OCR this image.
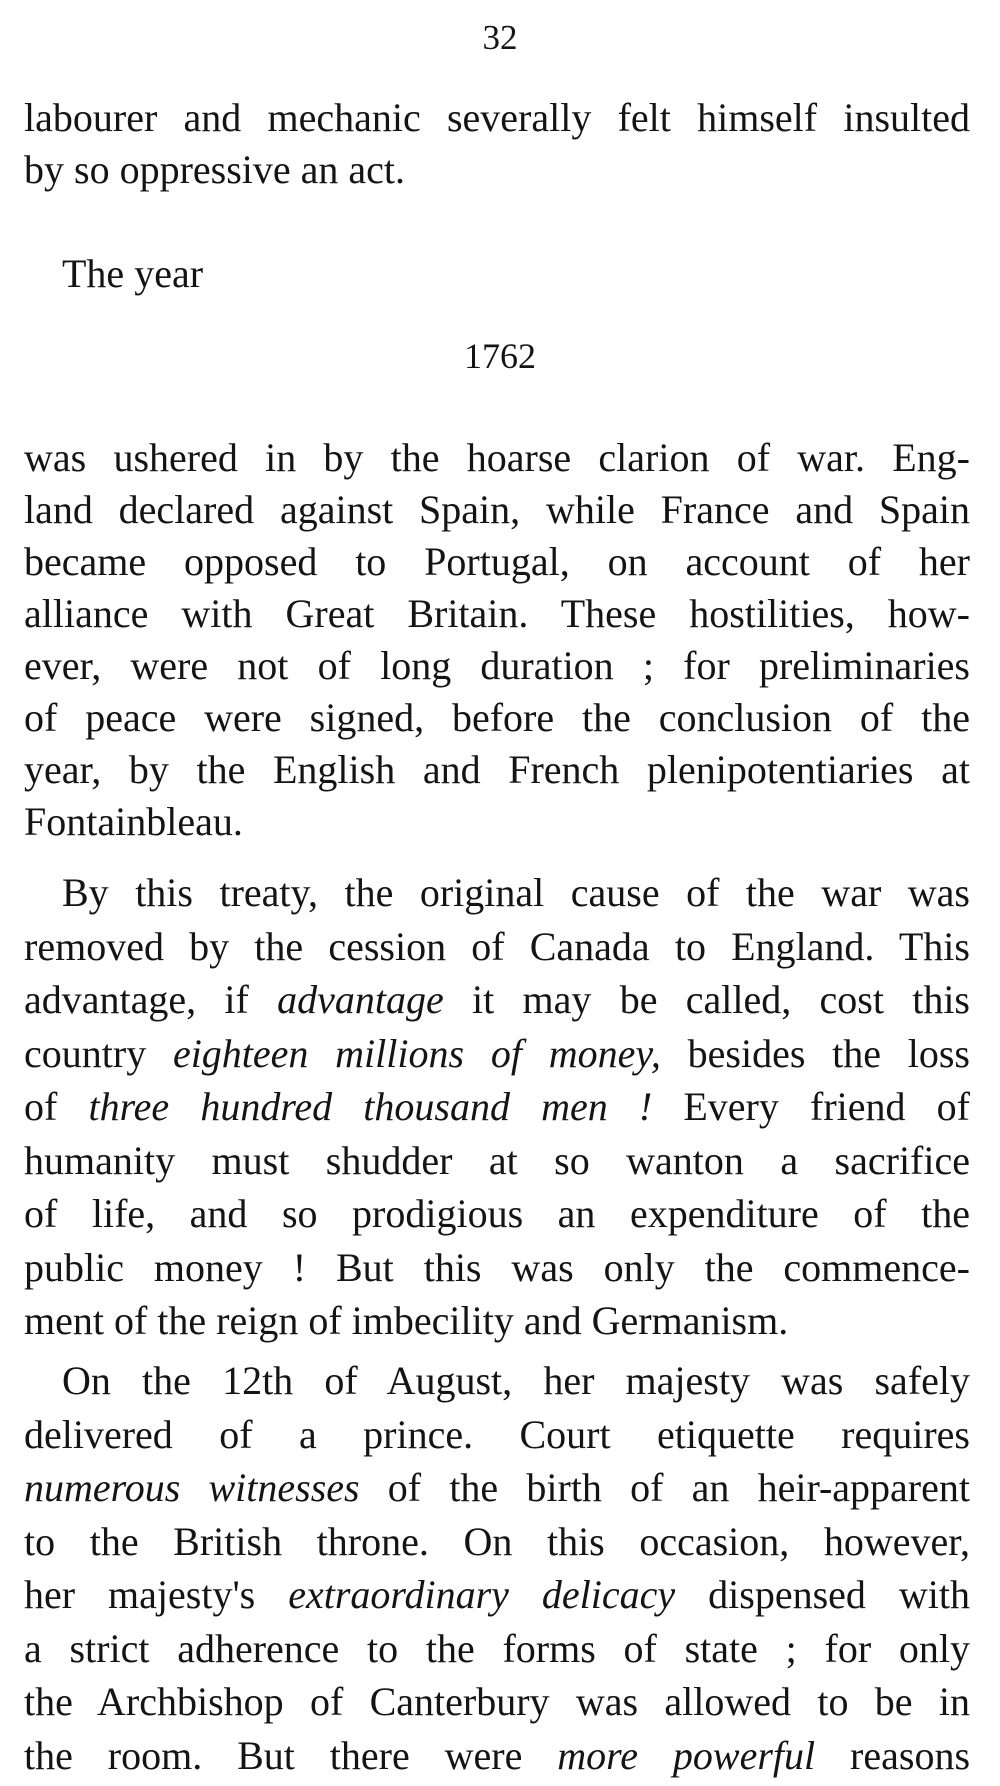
32
labourer and mechanic severally felt himself insulted
by so oppressive an act.
The year
1762
was ushered in by the hoarse clarion of war. Eng-
land declared against Spain, while France and Spain
became opposed to Portugal, on account of her
alliance with Great Britain. These hostilities, how-
ever, were not of long duration ; for preliminaries
of peace were signed, before the conclusion of the
year, by the English and French plenipotentiaries at
Fontainbleau.
By this treaty, the original cause of the war was
removed by the cession of Canada to England. This
advantage, if advantage it may be called, cost this
country eighteen millions of money, besides the loss
of three hundred thousand men ! Every friend of
humanity must shudder at so wanton a sacrifice
of life, and so prodigious an expenditure of the
public money ! But this was only the commence-
ment of the reign of imbecility and Germanism.
On the 12th of August, her majesty was safely
delivered of a prince. Court etiquette requires
numerous witnesses of the birth of an heir-apparent
to the British throne. On this occasion, however,
her majesty's extraordinary delicacy dispensed with
a strict adherence to the forms of state ; for only
the Archbishop of Canterbury was allowed to be in
the room. But there were more powerful reasons
